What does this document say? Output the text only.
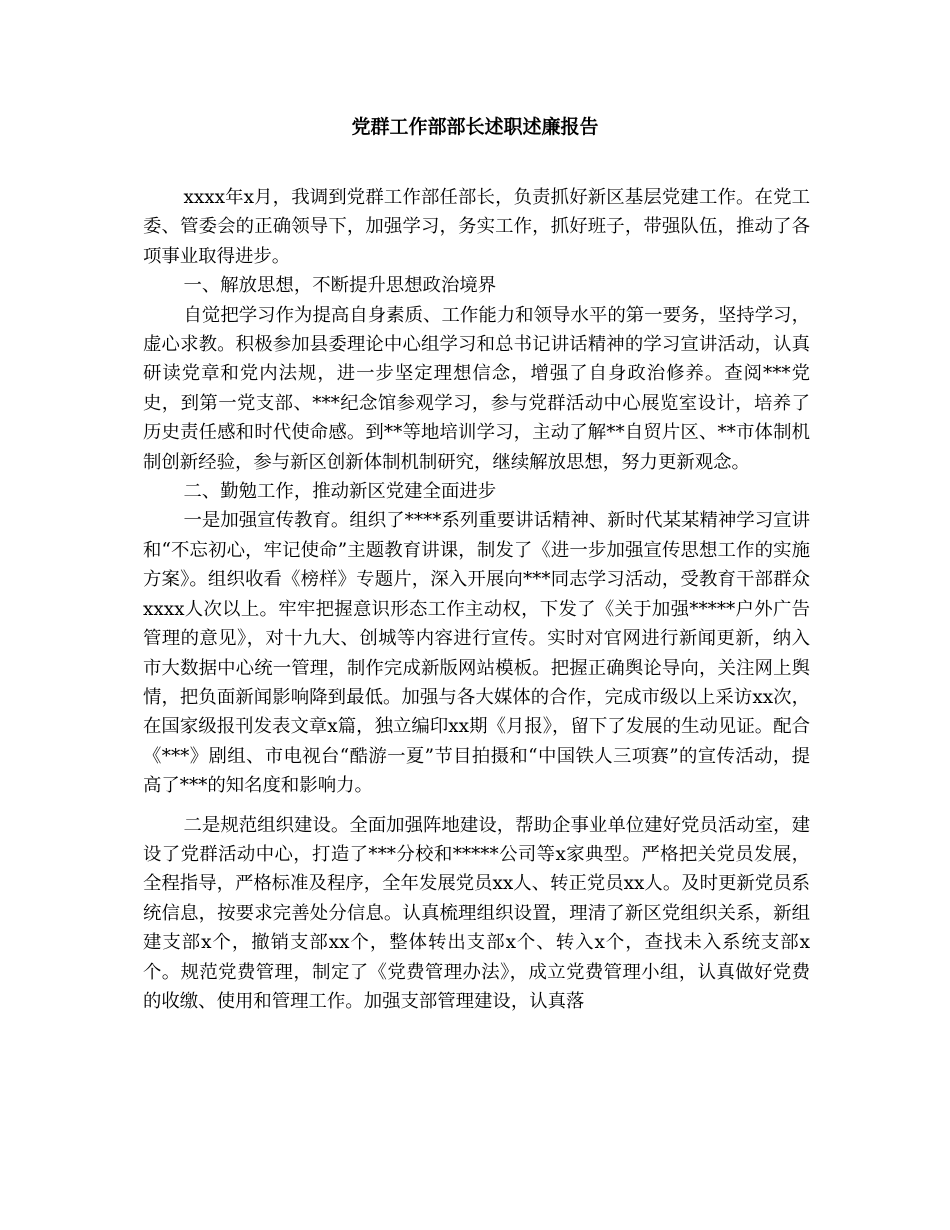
党群工作部部长述职述廉报告

xxxx年x月，我调到党群工作部任部长，负责抓好新区基层党建工作。在党工委、管委会的正确领导下，加强学习，务实工作，抓好班子，带强队伍，推动了各项事业取得进步。

一、解放思想，不断提升思想政治境界

自觉把学习作为提高自身素质、工作能力和领导水平的第一要务，坚持学习，虚心求教。积极参加县委理论中心组学习和总书记讲话精神的学习宣讲活动，认真研读党章和党内法规，进一步坚定理想信念，增强了自身政治修养。查阅***党史，到第一党支部、***纪念馆参观学习，参与党群活动中心展览室设计，培养了历史责任感和时代使命感。到**等地培训学习，主动了解**自贸片区、**市体制机制创新经验，参与新区创新体制机制研究，继续解放思想，努力更新观念。

二、勤勉工作，推动新区党建全面进步

一是加强宣传教育。组织了****系列重要讲话精神、新时代某某精神学习宣讲和“不忘初心，牢记使命”主题教育讲课，制发了《进一步加强宣传思想工作的实施方案》。组织收看《榜样》专题片，深入开展向***同志学习活动，受教育干部群众xxxx人次以上。牢牢把握意识形态工作主动权，下发了《关于加强*****户外广告管理的意见》，对十九大、创城等内容进行宣传。实时对官网进行新闻更新，纳入市大数据中心统一管理，制作完成新版网站模板。把握正确舆论导向，关注网上舆情，把负面新闻影响降到最低。加强与各大媒体的合作，完成市级以上采访xx次，在国家级报刊发表文章x篇，独立编印xx期《月报》，留下了发展的生动见证。配合《***》剧组、市电视台“酷游一夏”节目拍摄和“中国铁人三项赛”的宣传活动，提高了***的知名度和影响力。

二是规范组织建设。全面加强阵地建设，帮助企事业单位建好党员活动室，建设了党群活动中心，打造了***分校和*****公司等x家典型。严格把关党员发展，全程指导，严格标准及程序，全年发展党员xx人、转正党员xx人。及时更新党员系统信息，按要求完善处分信息。认真梳理组织设置，理清了新区党组织关系，新组建支部x个，撤销支部xx个，整体转出支部x个、转入x个，查找未入系统支部x个。规范党费管理，制定了《党费管理办法》，成立党费管理小组，认真做好党费的收缴、使用和管理工作。加强支部管理建设，认真落
